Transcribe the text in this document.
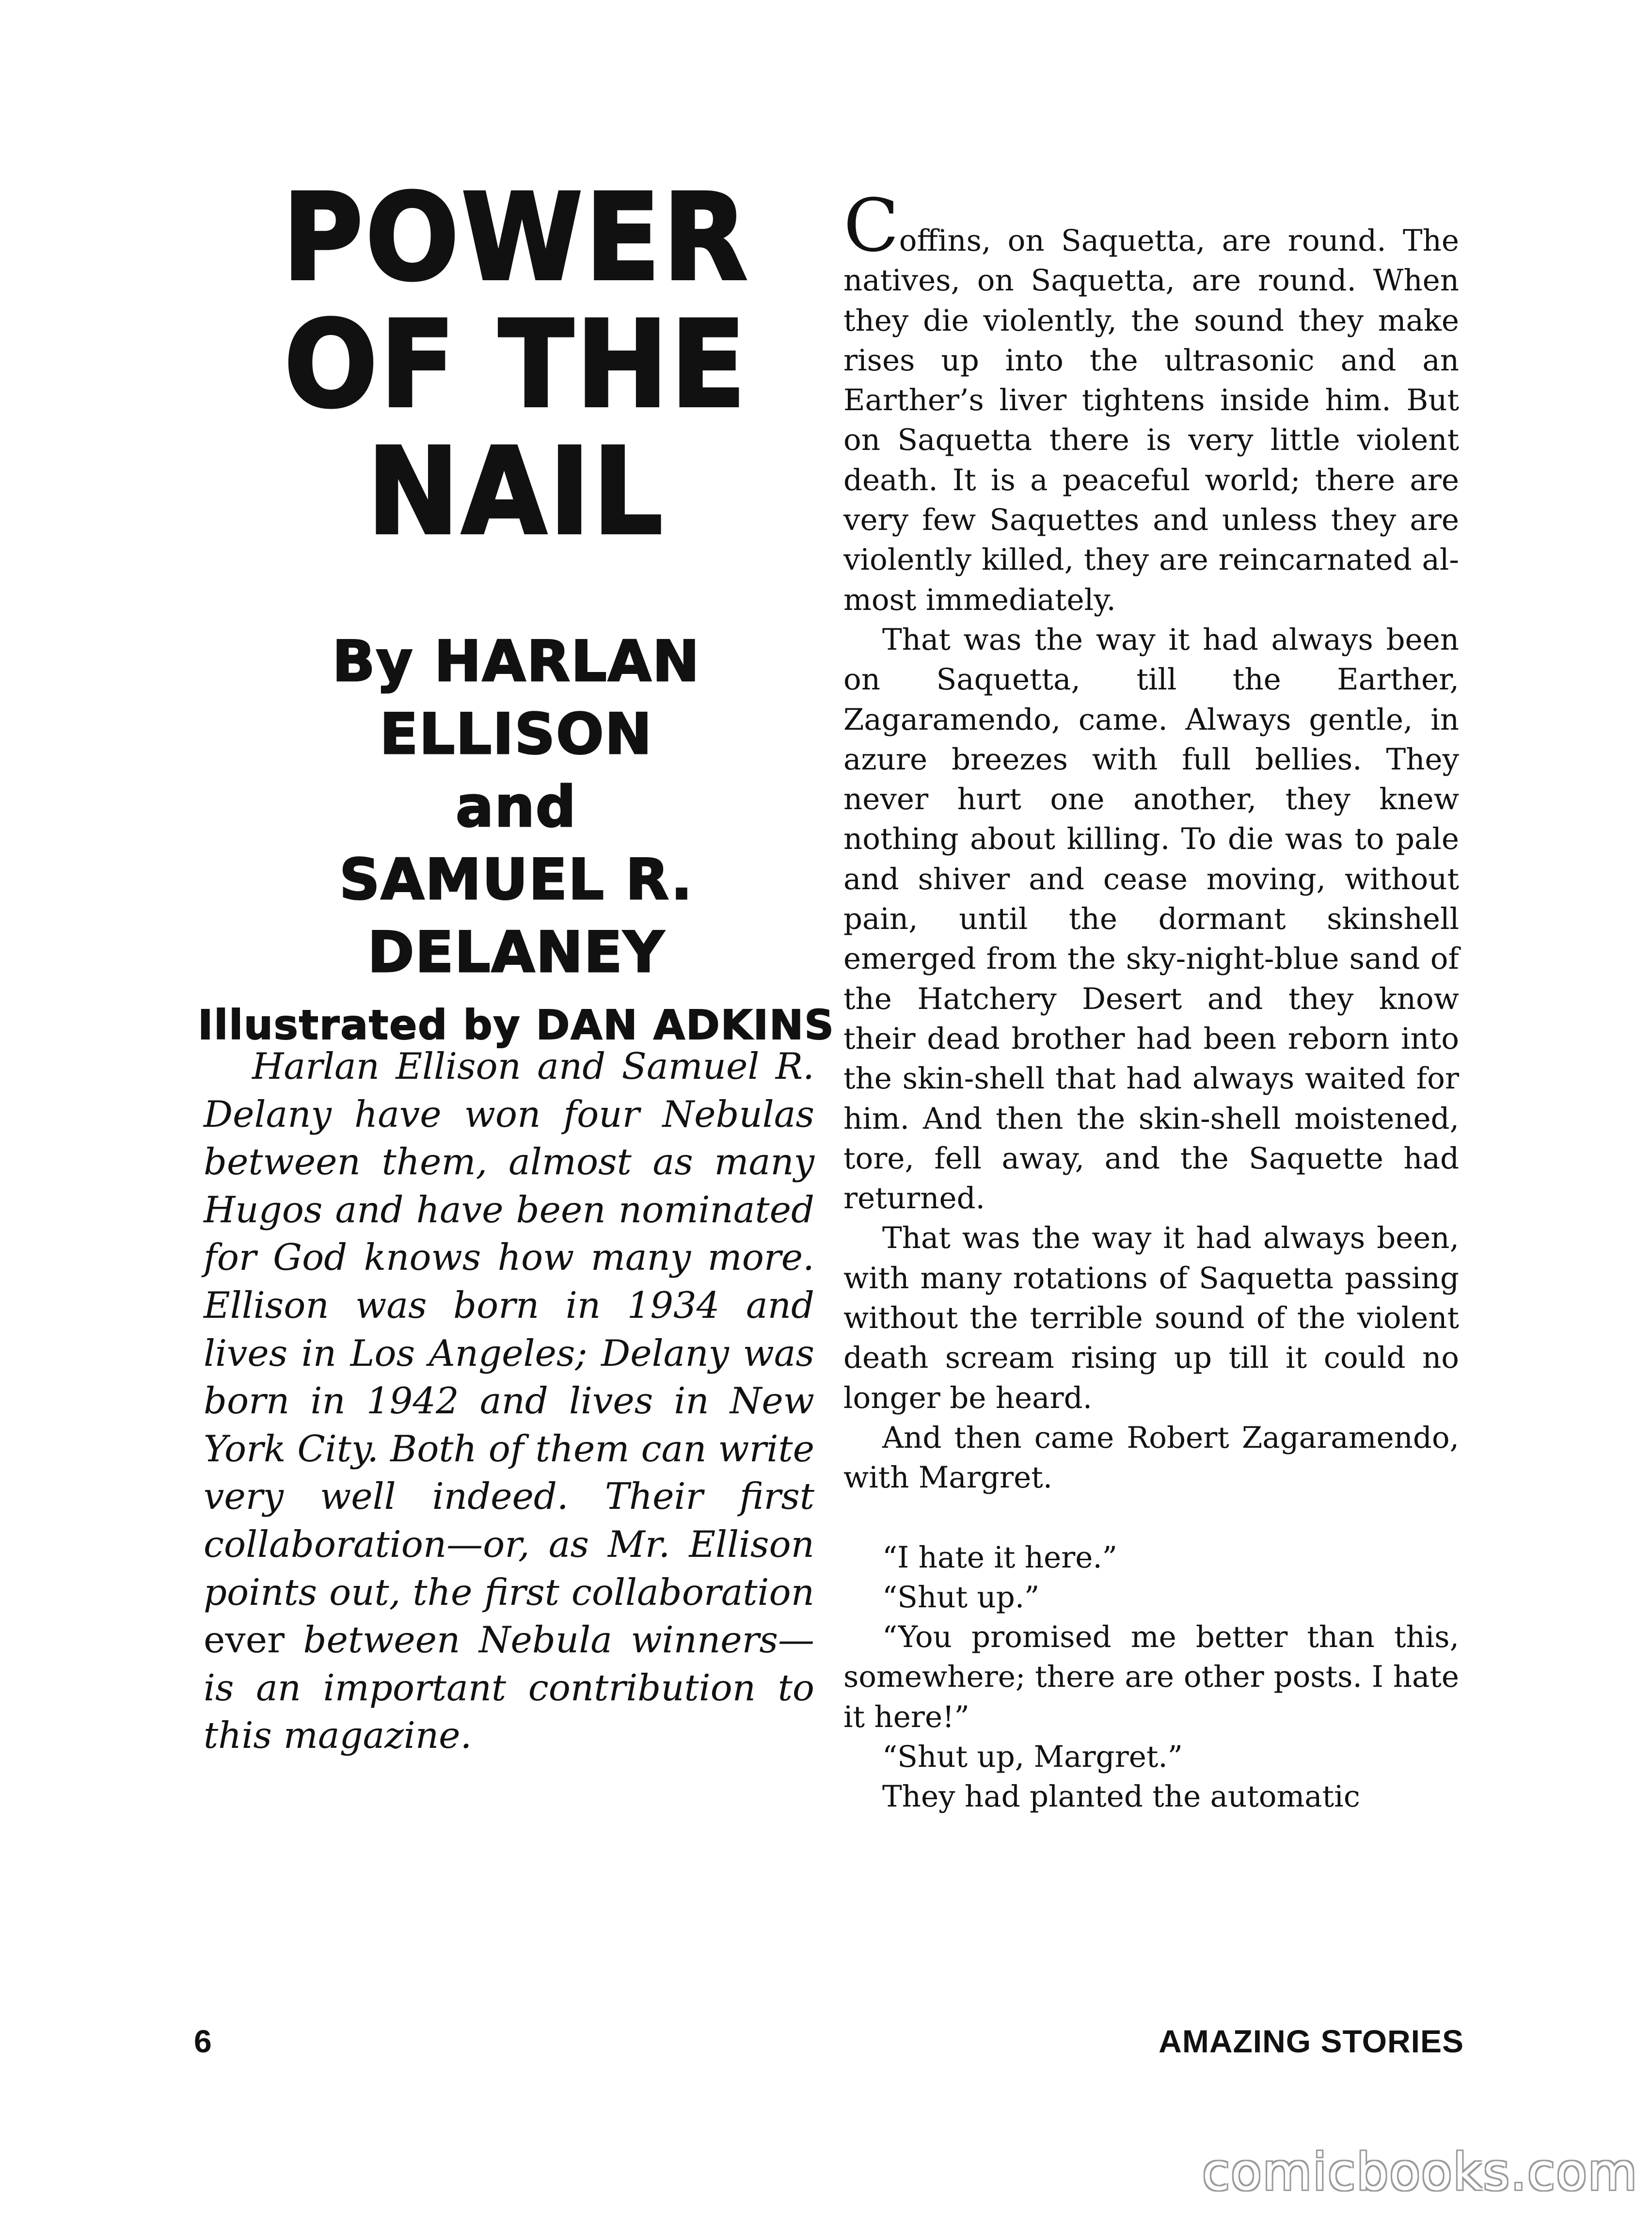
POWER
OF THE
NAIL
By HARLAN ELLISON
and
SAMUEL R. DELANEY
Illustrated by DAN ADKINS

Harlan Ellison and Samuel R. Delany have won four Nebulas between them, almost as many Hugos and have been nominated for God knows how many more. Ellison was born in 1934 and lives in Los Angeles; Delany was born in 1942 and lives in New York City. Both of them can write very well indeed. Their first collaboration—or, as Mr. Ellison points out, the first collaboration ever between Nebula winners—is an important contribution to this magazine.

Coffins, on Saquetta, are round. The natives, on Saquetta, are round. When they die violently, the sound they make rises up into the ultrasonic and an Earther’s liver tightens inside him. But on Saquetta there is very little violent death. It is a peaceful world; there are very few Saquettes and unless they are violently killed, they are reincarnated almost immediately.

That was the way it had always been on Saquetta, till the Earther, Zagaramendo, came. Always gentle, in azure breezes with full bellies. They never hurt one another, they knew nothing about killing. To die was to pale and shiver and cease moving, without pain, until the dormant skinshell emerged from the sky-night-blue sand of the Hatchery Desert and they know their dead brother had been reborn into the skin-shell that had always waited for him. And then the skin-shell moistened, tore, fell away, and the Saquette had returned.

That was the way it had always been, with many rotations of Saquetta passing without the terrible sound of the violent death scream rising up till it could no longer be heard.

And then came Robert Zagaramendo, with Margret.

“I hate it here.”

“Shut up.”

“You promised me better than this, somewhere; there are other posts. I hate it here!”

“Shut up, Margret.”

They had planted the automatic

6	AMAZING STORIES
comicbooks.com
